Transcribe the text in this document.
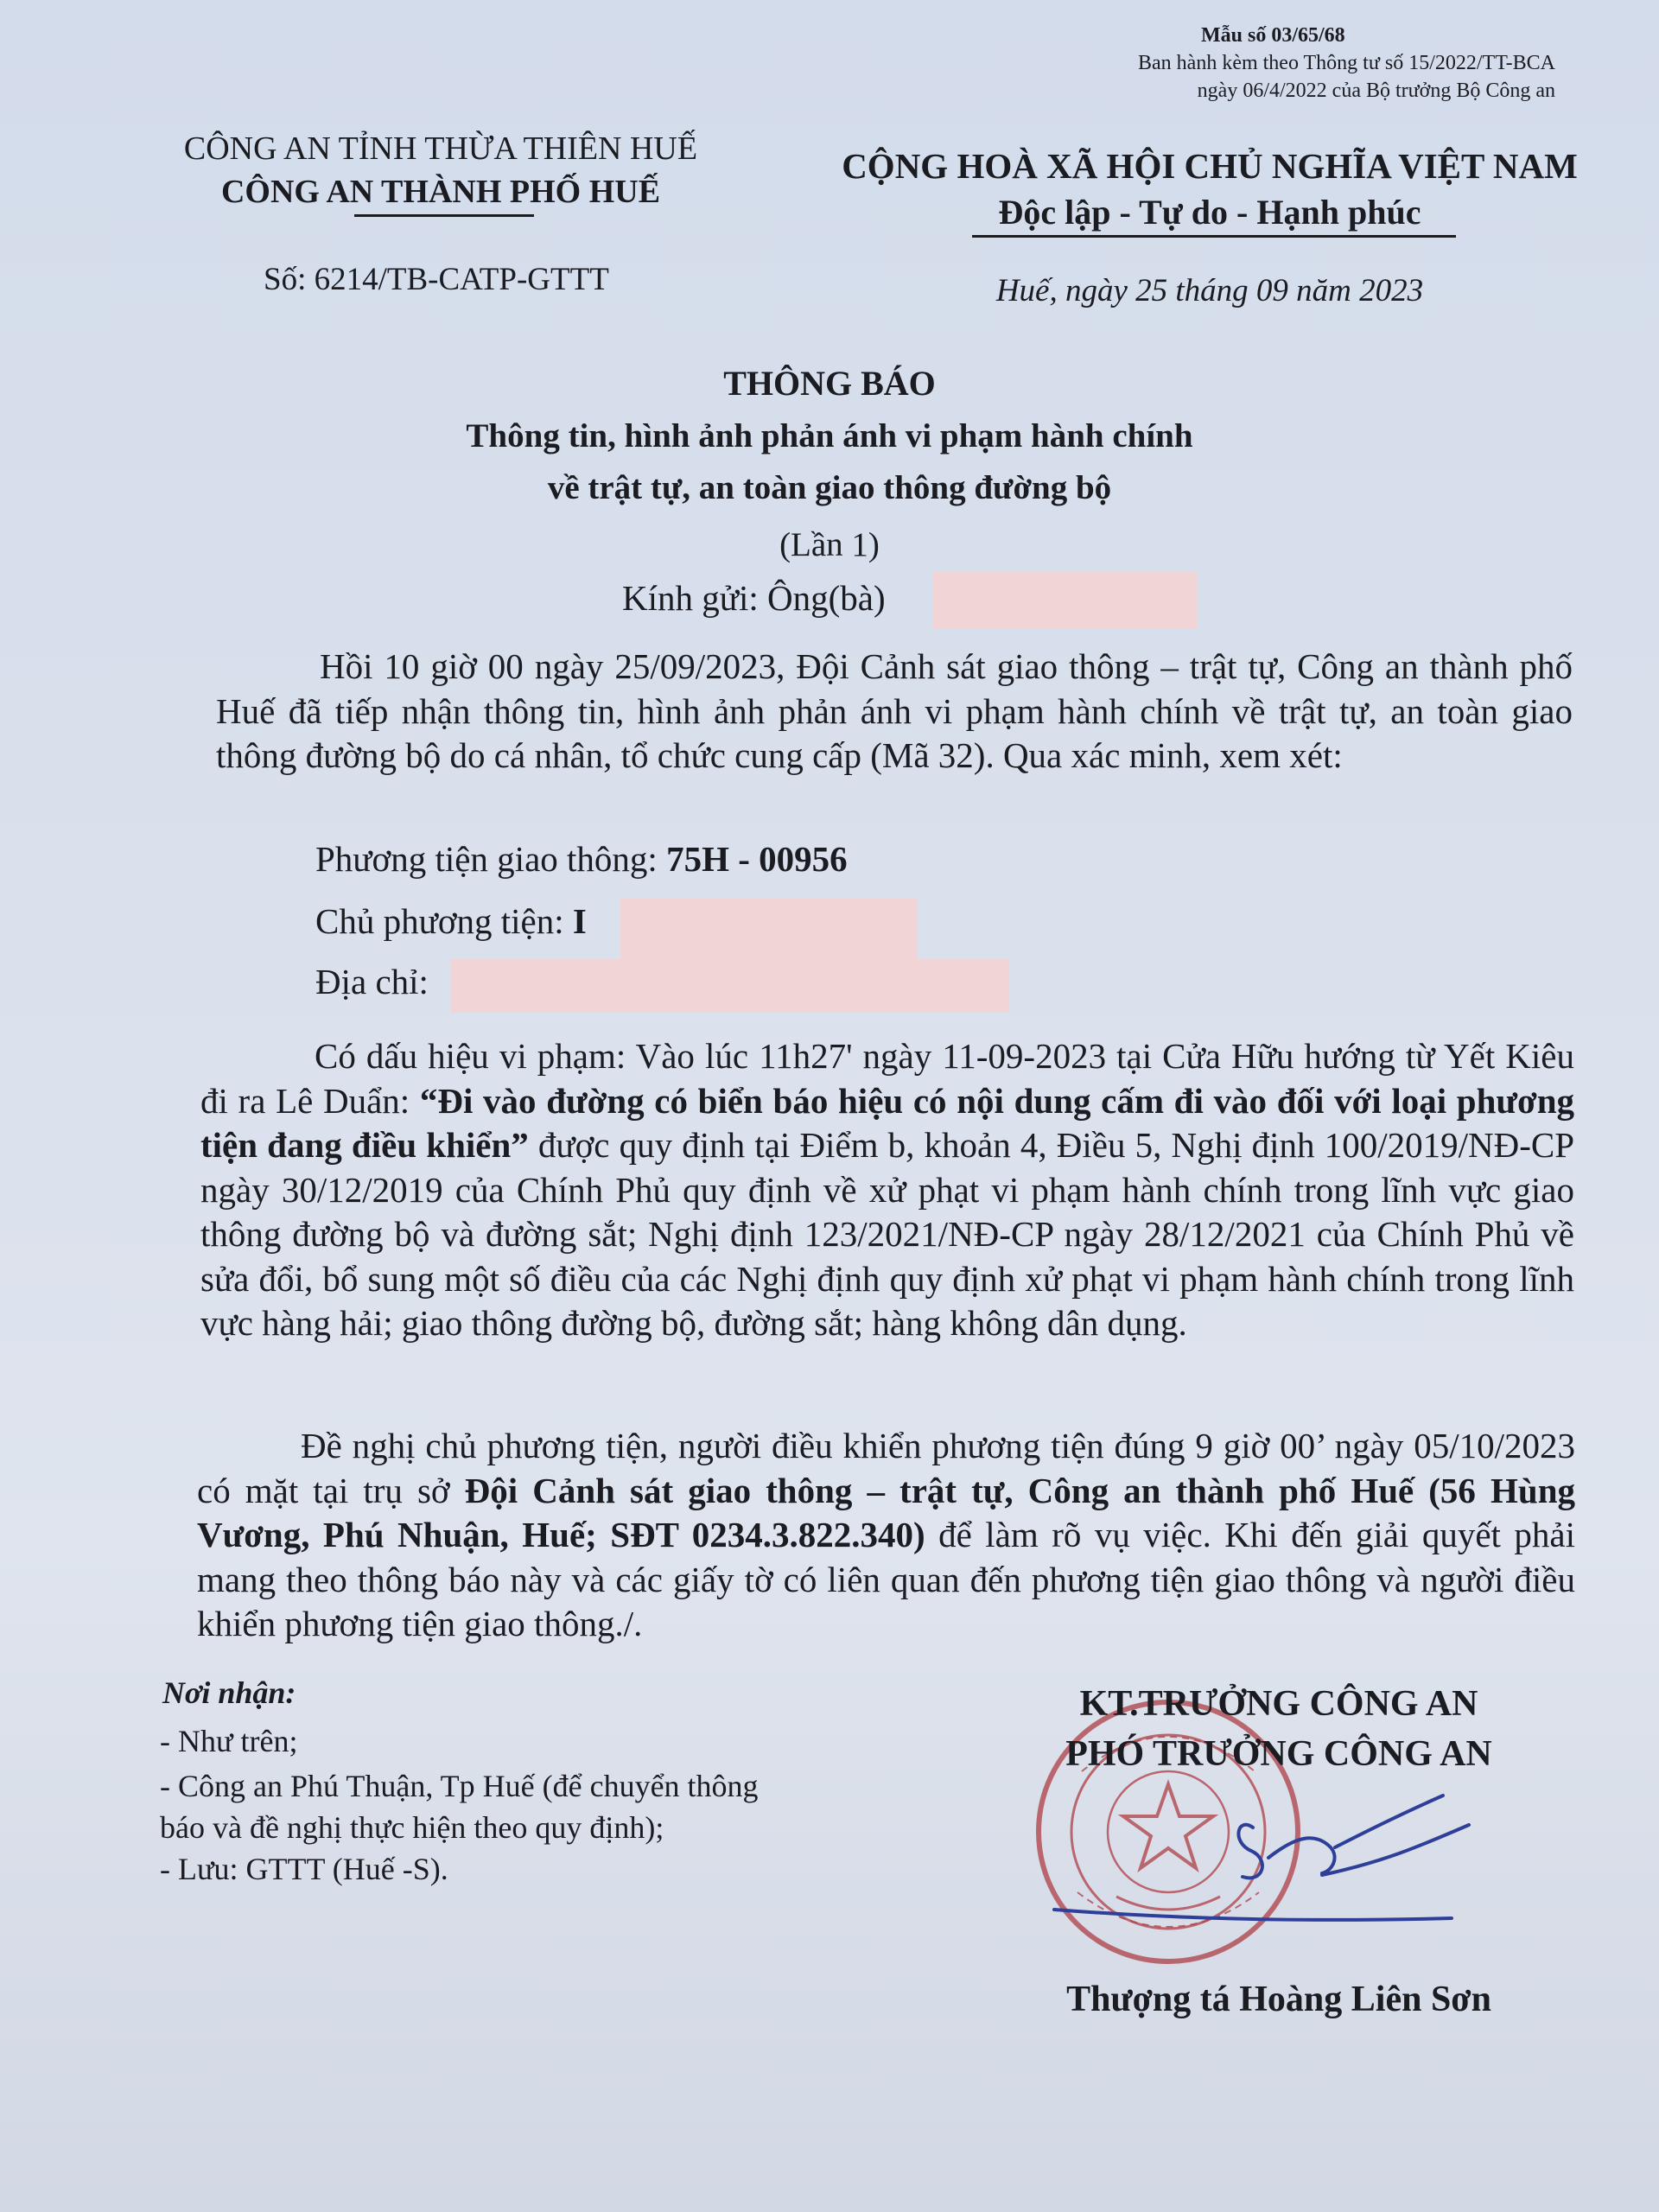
Mẫu số 03/65/68
Ban hành kèm theo Thông tư số 15/2022/TT-BCA
ngày 06/4/2022 của Bộ trưởng Bộ Công an
CÔNG AN TỈNH THỪA THIÊN HUẾ
CÔNG AN THÀNH PHỐ HUẾ
Số: 6214/TB-CATP-GTTT
CỘNG HOÀ XÃ HỘI CHỦ NGHĨA VIỆT NAM
Độc lập - Tự do - Hạnh phúc
Huế, ngày 25 tháng 09 năm 2023
THÔNG BÁO
Thông tin, hình ảnh phản ánh vi phạm hành chính
về trật tự, an toàn giao thông đường bộ
(Lần 1)
Kính gửi: Ông(bà)
Hồi 10 giờ 00 ngày 25/09/2023, Đội Cảnh sát giao thông – trật tự, Công an thành phố Huế đã tiếp nhận thông tin, hình ảnh phản ánh vi phạm hành chính về trật tự, an toàn giao thông đường bộ do cá nhân, tổ chức cung cấp (Mã 32). Qua xác minh, xem xét:
Phương tiện giao thông: 75H - 00956
Chủ phương tiện: I
Địa chỉ:
Có dấu hiệu vi phạm: Vào lúc 11h27' ngày 11-09-2023 tại Cửa Hữu hướng từ Yết Kiêu đi ra Lê Duẩn: “Đi vào đường có biển báo hiệu có nội dung cấm đi vào đối với loại phương tiện đang điều khiển” được quy định tại Điểm b, khoản 4, Điều 5, Nghị định 100/2019/NĐ-CP ngày 30/12/2019 của Chính Phủ quy định về xử phạt vi phạm hành chính trong lĩnh vực giao thông đường bộ và đường sắt; Nghị định 123/2021/NĐ-CP ngày 28/12/2021 của Chính Phủ về sửa đổi, bổ sung một số điều của các Nghị định quy định xử phạt vi phạm hành chính trong lĩnh vực hàng hải; giao thông đường bộ, đường sắt; hàng không dân dụng.
Đề nghị chủ phương tiện, người điều khiển phương tiện đúng 9 giờ 00’ ngày 05/10/2023 có mặt tại trụ sở Đội Cảnh sát giao thông – trật tự, Công an thành phố Huế (56 Hùng Vương, Phú Nhuận, Huế; SĐT 0234.3.822.340) để làm rõ vụ việc. Khi đến giải quyết phải mang theo thông báo này và các giấy tờ có liên quan đến phương tiện giao thông và người điều khiển phương tiện giao thông./.
Nơi nhận:
- Như trên;
- Công an Phú Thuận, Tp Huế (để chuyển thông
báo và đề nghị thực hiện theo quy định);
- Lưu: GTTT (Huế -S).
KT.TRƯỞNG CÔNG AN
PHÓ TRƯỞNG CÔNG AN
Thượng tá Hoàng Liên Sơn
